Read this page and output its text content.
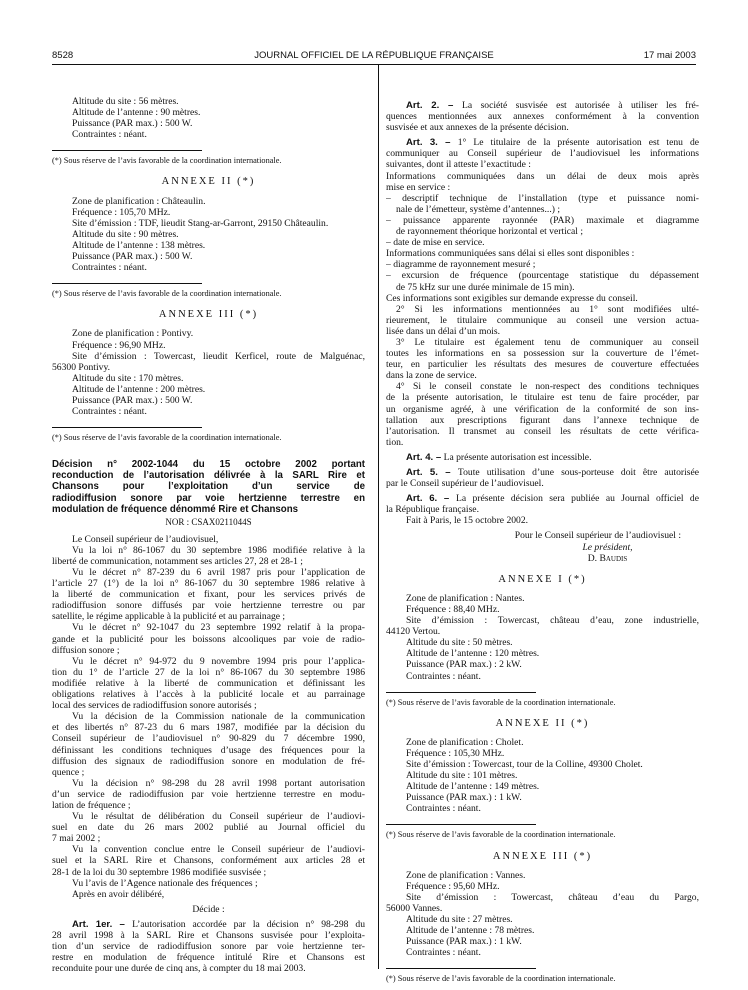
8528	JOURNAL OFFICIEL DE LA RÉPUBLIQUE FRANÇAISE	17 mai 2003
Altitude du site : 56 mètres.
Altitude de l’antenne : 90 mètres.
Puissance (PAR max.) : 500 W.
Contraintes : néant.
(*) Sous réserve de l’avis favorable de la coordination internationale.
ANNEXE II (*)
Zone de planification : Châteaulin.
Fréquence : 105,70 MHz.
Site d’émission : TDF, lieudit Stang-ar-Garront, 29150 Châteaulin.
Altitude du site : 90 mètres.
Altitude de l’antenne : 138 mètres.
Puissance (PAR max.) : 500 W.
Contraintes : néant.
(*) Sous réserve de l’avis favorable de la coordination internationale.
ANNEXE III (*)
Zone de planification : Pontivy.
Fréquence : 96,90 MHz.
Site d’émission : Towercast, lieudit Kerficel, route de Malguénac,
56300 Pontivy.
Altitude du site : 170 mètres.
Altitude de l’antenne : 200 mètres.
Puissance (PAR max.) : 500 W.
Contraintes : néant.
(*) Sous réserve de l’avis favorable de la coordination internationale.
Décision n° 2002-1044 du 15 octobre 2002 portant
reconduction de l’autorisation délivrée à la SARL Rire et
Chansons pour l’exploitation d’un service de
radiodiffusion sonore par voie hertzienne terrestre en
modulation de fréquence dénommé Rire et Chansons
NOR : CSAX0211044S
Le Conseil supérieur de l’audiovisuel,
Vu la loi n° 86-1067 du 30 septembre 1986 modifiée relative à la
liberté de communication, notamment ses articles 27, 28 et 28-1 ;
Vu le décret n° 87-239 du 6 avril 1987 pris pour l’application de
l’article 27 (1°) de la loi n° 86-1067 du 30 septembre 1986 relative à
la liberté de communication et fixant, pour les services privés de
radiodiffusion sonore diffusés par voie hertzienne terrestre ou par
satellite, le régime applicable à la publicité et au parrainage ;
Vu le décret n° 92-1047 du 23 septembre 1992 relatif à la propa-
gande et la publicité pour les boissons alcooliques par voie de radio-
diffusion sonore ;
Vu le décret n° 94-972 du 9 novembre 1994 pris pour l’applica-
tion du 1° de l’article 27 de la loi n° 86-1067 du 30 septembre 1986
modifiée relative à la liberté de communication et définissant les
obligations relatives à l’accès à la publicité locale et au parrainage
local des services de radiodiffusion sonore autorisés ;
Vu la décision de la Commission nationale de la communication
et des libertés n° 87-23 du 6 mars 1987, modifiée par la décision du
Conseil supérieur de l’audiovisuel n° 90-829 du 7 décembre 1990,
définissant les conditions techniques d’usage des fréquences pour la
diffusion des signaux de radiodiffusion sonore en modulation de fré-
quence ;
Vu la décision n° 98-298 du 28 avril 1998 portant autorisation
d’un service de radiodiffusion par voie hertzienne terrestre en modu-
lation de fréquence ;
Vu le résultat de délibération du Conseil supérieur de l’audiovi-
suel en date du 26 mars 2002 publié au Journal officiel du
7 mai 2002 ;
Vu la convention conclue entre le Conseil supérieur de l’audiovi-
suel et la SARL Rire et Chansons, conformément aux articles 28 et
28-1 de la loi du 30 septembre 1986 modifiée susvisée ;
Vu l’avis de l’Agence nationale des fréquences ;
Après en avoir délibéré,
Décide :
Art. 1er. – L’autorisation accordée par la décision n° 98-298 du
28 avril 1998 à la SARL Rire et Chansons susvisée pour l’exploita-
tion d’un service de radiodiffusion sonore par voie hertzienne ter-
restre en modulation de fréquence intitulé Rire et Chansons est
reconduite pour une durée de cinq ans, à compter du 18 mai 2003.
Art. 2. – La société susvisée est autorisée à utiliser les fré-
quences mentionnées aux annexes conformément à la convention
susvisée et aux annexes de la présente décision.
Art. 3. – 1° Le titulaire de la présente autorisation est tenu de
communiquer au Conseil supérieur de l’audiovisuel les informations
suivantes, dont il atteste l’exactitude :
Informations communiquées dans un délai de deux mois après
mise en service :
– descriptif technique de l’installation (type et puissance nomi-
nale de l’émetteur, système d’antennes...) ;
– puissance apparente rayonnée (PAR) maximale et diagramme
de rayonnement théorique horizontal et vertical ;
– date de mise en service.
Informations communiquées sans délai si elles sont disponibles :
– diagramme de rayonnement mesuré ;
– excursion de fréquence (pourcentage statistique du dépassement
de 75 kHz sur une durée minimale de 15 min).
Ces informations sont exigibles sur demande expresse du conseil.
2° Si les informations mentionnées au 1° sont modifiées ulté-
rieurement, le titulaire communique au conseil une version actua-
lisée dans un délai d’un mois.
3° Le titulaire est également tenu de communiquer au conseil
toutes les informations en sa possession sur la couverture de l’émet-
teur, en particulier les résultats des mesures de couverture effectuées
dans la zone de service.
4° Si le conseil constate le non-respect des conditions techniques
de la présente autorisation, le titulaire est tenu de faire procéder, par
un organisme agréé, à une vérification de la conformité de son ins-
tallation aux prescriptions figurant dans l’annexe technique de
l’autorisation. Il transmet au conseil les résultats de cette vérifica-
tion.
Art. 4. – La présente autorisation est incessible.
Art. 5. – Toute utilisation d’une sous-porteuse doit être autorisée
par le Conseil supérieur de l’audiovisuel.
Art. 6. – La présente décision sera publiée au Journal officiel de
la République française.
Fait à Paris, le 15 octobre 2002.
Pour le Conseil supérieur de l’audiovisuel :
Le président,
D. Baudis
ANNEXE I (*)
Zone de planification : Nantes.
Fréquence : 88,40 MHz.
Site d’émission : Towercast, château d’eau, zone industrielle,
44120 Vertou.
Altitude du site : 50 mètres.
Altitude de l’antenne : 120 mètres.
Puissance (PAR max.) : 2 kW.
Contraintes : néant.
(*) Sous réserve de l’avis favorable de la coordination internationale.
ANNEXE II (*)
Zone de planification : Cholet.
Fréquence : 105,30 MHz.
Site d’émission : Towercast, tour de la Colline, 49300 Cholet.
Altitude du site : 101 mètres.
Altitude de l’antenne : 149 mètres.
Puissance (PAR max.) : 1 kW.
Contraintes : néant.
(*) Sous réserve de l’avis favorable de la coordination internationale.
ANNEXE III (*)
Zone de planification : Vannes.
Fréquence : 95,60 MHz.
Site d’émission : Towercast, château d’eau du Pargo,
56000 Vannes.
Altitude du site : 27 mètres.
Altitude de l’antenne : 78 mètres.
Puissance (PAR max.) : 1 kW.
Contraintes : néant.
(*) Sous réserve de l’avis favorable de la coordination internationale.
